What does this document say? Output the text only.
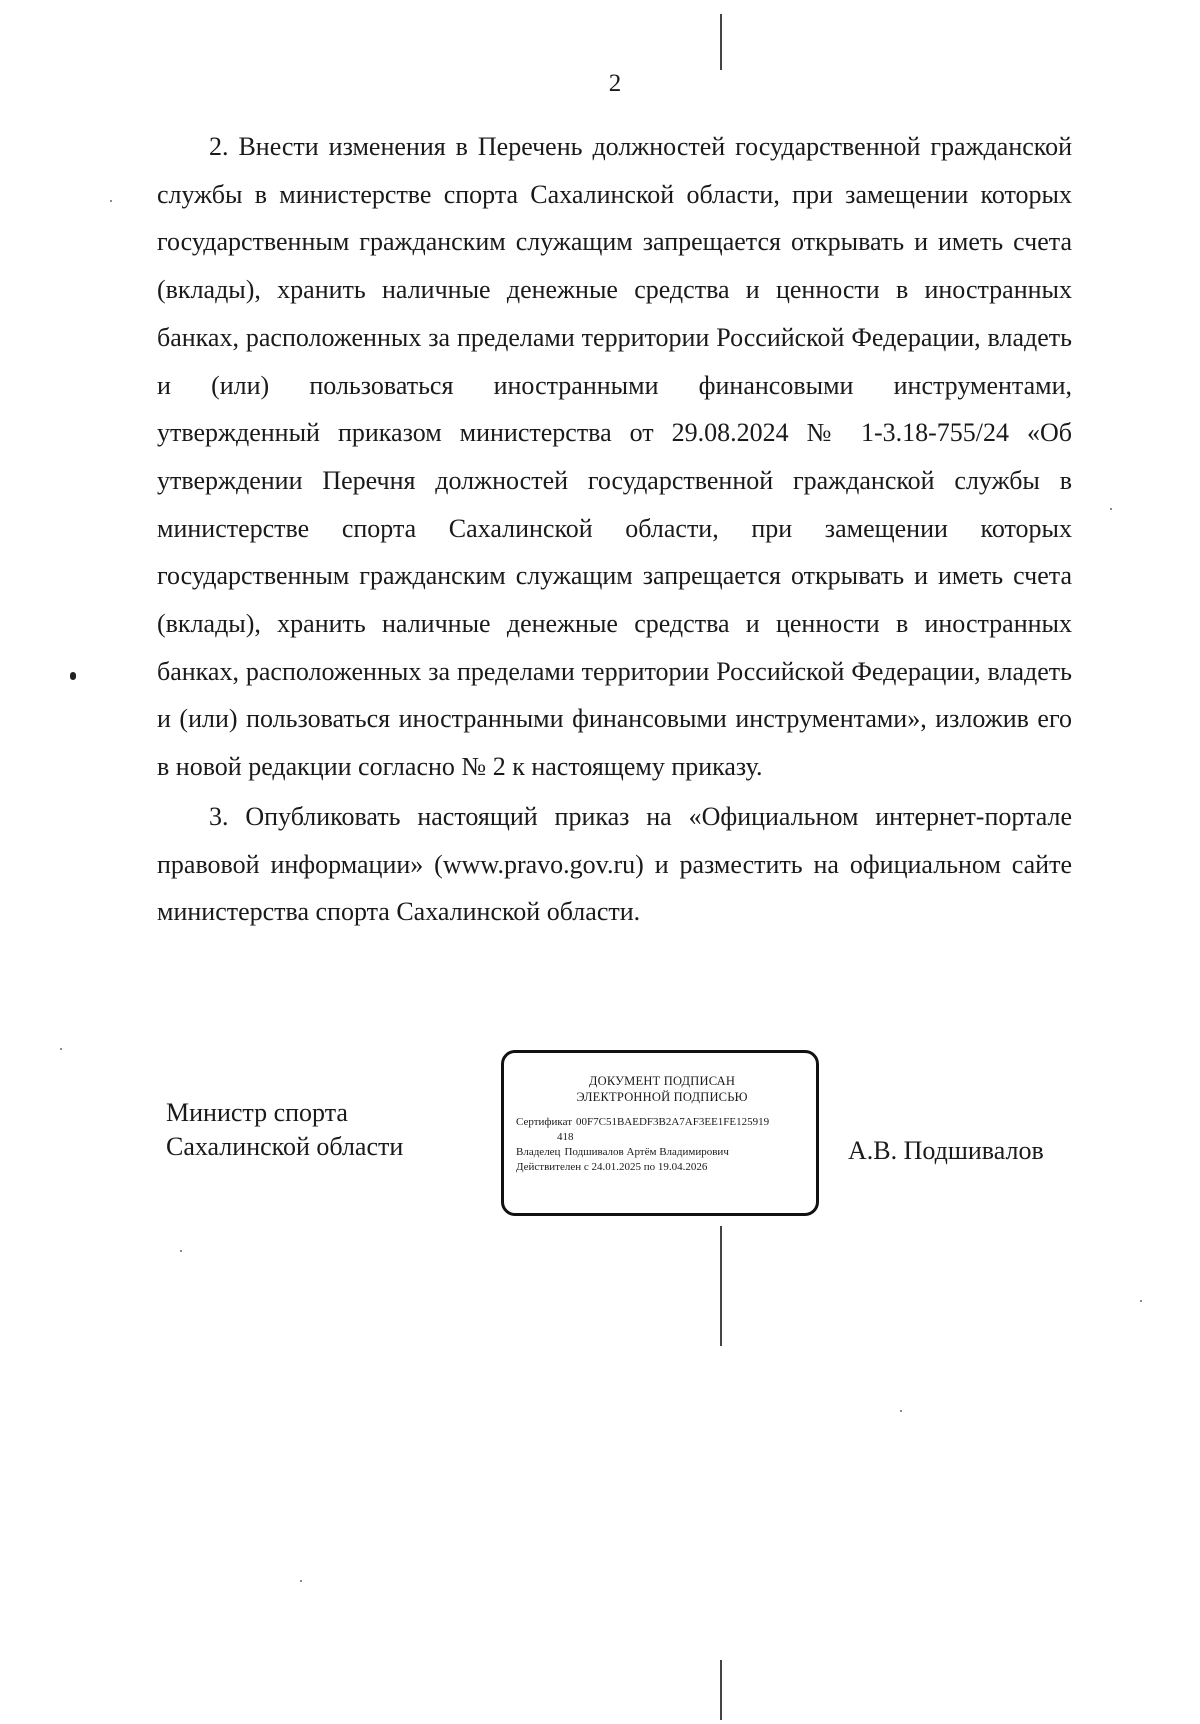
2

2. Внести изменения в Перечень должностей государственной гражданской службы в министерстве спорта Сахалинской области, при замещении которых государственным гражданским служащим запрещается открывать и иметь счета (вклады), хранить наличные денежные средства и ценности в иностранных банках, расположенных за пределами территории Российской Федерации, владеть и (или) пользоваться иностранными финансовыми инструментами, утвержденный приказом министерства от 29.08.2024 № 1-3.18-755/24 «Об утверждении Перечня должностей государственной гражданской службы в министерстве спорта Сахалинской области, при замещении которых государственным гражданским служащим запрещается открывать и иметь счета (вклады), хранить наличные денежные средства и ценности в иностранных банках, расположенных за пределами территории Российской Федерации, владеть и (или) пользоваться иностранными финансовыми инструментами», изложив его в новой редакции согласно № 2 к настоящему приказу.

3. Опубликовать настоящий приказ на «Официальном интернет-портале правовой информации» (www.pravo.gov.ru) и разместить на официальном сайте министерства спорта Сахалинской области.

Министр спорта
Сахалинской области
ДОКУМЕНТ ПОДПИСАН
ЭЛЕКТРОННОЙ ПОДПИСЬЮ
Сертификат 00F7C51BAEDF3B2A7AF3EE1FE125919
418
Владелец Подшивалов Артём Владимирович
Действителен с 24.01.2025 по 19.04.2026
А.В. Подшивалов
